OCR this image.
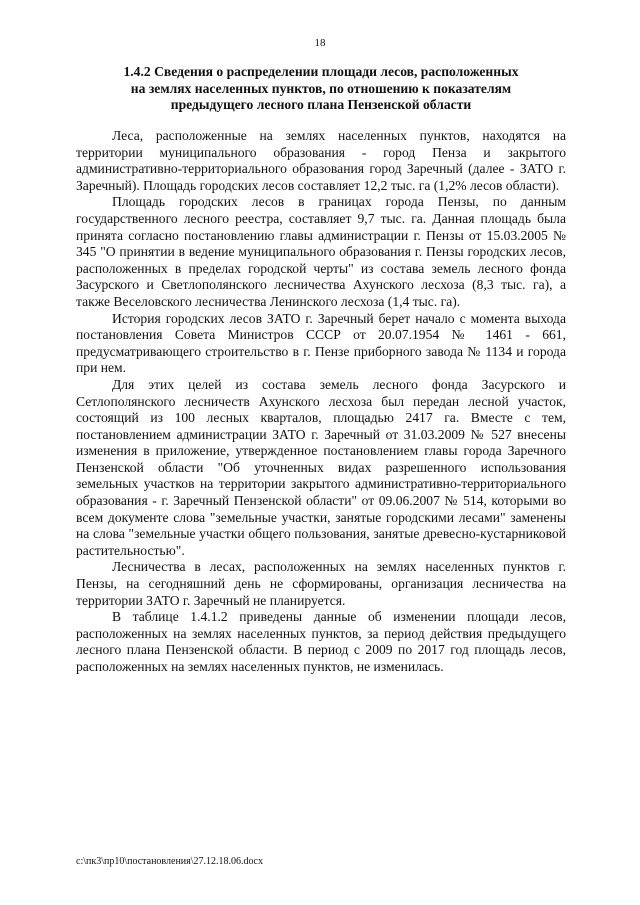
18
1.4.2 Сведения о распределении площади лесов, расположенных
на землях населенных пунктов, по отношению к показателям
предыдущего лесного плана Пензенской области

Леса, расположенные на землях населенных пунктов, находятся на территории муниципального образования - город Пенза и закрытого административно-территориального образования город Заречный (далее - ЗАТО г. Заречный). Площадь городских лесов составляет 12,2 тыс. га (1,2% лесов области).

Площадь городских лесов в границах города Пензы, по данным государственного лесного реестра, составляет 9,7 тыс. га. Данная площадь была принята согласно постановлению главы администрации г. Пензы от 15.03.2005 № 345 "О принятии в ведение муниципального образования г. Пензы городских лесов, расположенных в пределах городской черты" из состава земель лесного фонда Засурского и Светлополянского лесничества Ахунского лесхоза (8,3 тыс. га), а также Веселовского лесничества Ленинского лесхоза (1,4 тыс. га).

История городских лесов ЗАТО г. Заречный берет начало с момента выхода постановления Совета Министров СССР от 20.07.1954 № 1461 - 661, предусматривающего строительство в г. Пензе приборного завода № 1134 и города при нем.

Для этих целей из состава земель лесного фонда Засурского и Сетлополянского лесничеств Ахунского лесхоза был передан лесной участок, состоящий из 100 лесных кварталов, площадью 2417 га. Вместе с тем, постановлением администрации ЗАТО г. Заречный от 31.03.2009 № 527 внесены изменения в приложение, утвержденное постановлением главы города Заречного Пензенской области "Об уточненных видах разрешенного использования земельных участков на территории закрытого административно-территориального образования - г. Заречный Пензенской области" от 09.06.2007 № 514, которыми во всем документе слова "земельные участки, занятые городскими лесами" заменены на слова "земельные участки общего пользования, занятые древесно-кустарниковой растительностью".

Лесничества в лесах, расположенных на землях населенных пунктов г. Пензы, на сегодняшний день не сформированы, организация лесничества на территории ЗАТО г. Заречный не планируется.

В таблице 1.4.1.2 приведены данные об изменении площади лесов, расположенных на землях населенных пунктов, за период действия предыдущего лесного плана Пензенской области. В период с 2009 по 2017 год площадь лесов, расположенных на землях населенных пунктов, не изменилась.

c:\пк3\пр10\постановления\27.12.18.06.docx
